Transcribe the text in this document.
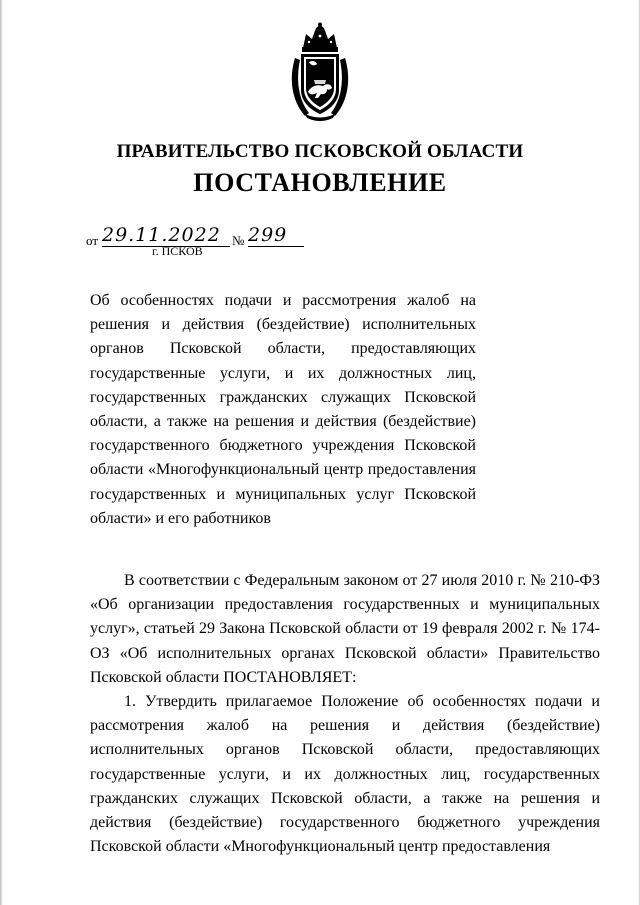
ПРАВИТЕЛЬСТВО ПСКОВСКОЙ ОБЛАСТИ
ПОСТАНОВЛЕНИЕ
от 29.11.2022 № 299
г. ПСКОВ

Об особенностях подачи и рассмотрения жалоб на решения и действия (бездействие) исполнительных органов Псковской области, предоставляющих государственные услуги, и их должностных лиц, государственных гражданских служащих Псковской области, а также на решения и действия (бездействие) государственного бюджетного учреждения Псковской области «Многофункциональный центр предоставления государственных и муниципальных услуг Псковской области» и его работников

В соответствии с Федеральным законом от 27 июля 2010 г. № 210-ФЗ «Об организации предоставления государственных и муниципальных услуг», статьей 29 Закона Псковской области от 19 февраля 2002 г. № 174-ОЗ «Об исполнительных органах Псковской области» Правительство Псковской области ПОСТАНОВЛЯЕТ:

1. Утвердить прилагаемое Положение об особенностях подачи и рассмотрения жалоб на решения и действия (бездействие) исполнительных органов Псковской области, предоставляющих государственные услуги, и их должностных лиц, государственных гражданских служащих Псковской области, а также на решения и действия (бездействие) государственного бюджетного учреждения Псковской области «Многофункциональный центр предоставления
